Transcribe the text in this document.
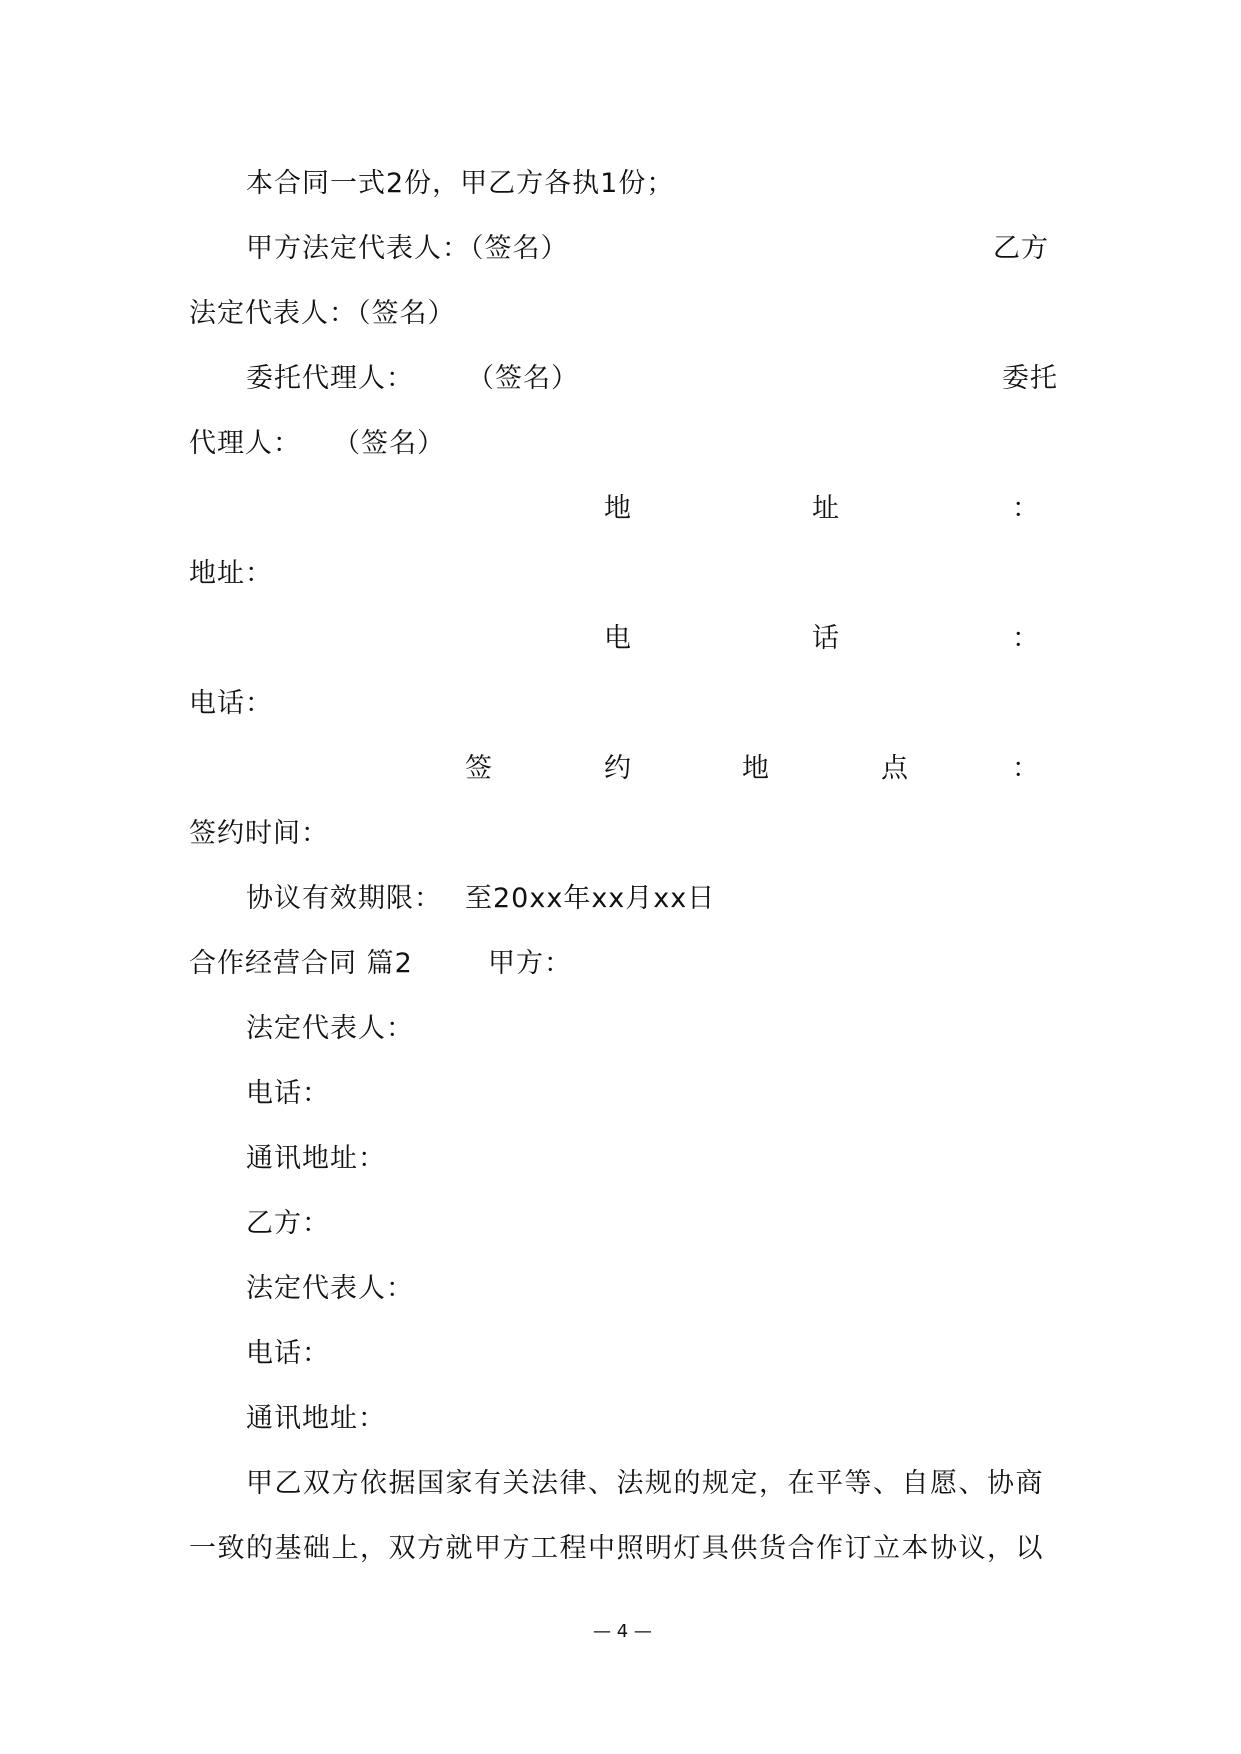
本合同一式2份，甲乙方各执1份；
甲方法定代表人：（签名）	乙方
法定代表人：（签名）
委托代理人： （签名）	委托
代理人： （签名）
地	址	：
地址：
电	话	：
电话：
签	约	地	点	：
签约时间：
协议有效期限： 至20xx年xx月xx日
合作经营合同 篇2	甲方：
法定代表人：
电话：
通讯地址：
乙方：
法定代表人：
电话：
通讯地址：
甲乙双方依据国家有关法律、法规的规定，在平等、自愿、协商
一致的基础上，双方就甲方工程中照明灯具供货合作订立本协议，以
— 4 —
